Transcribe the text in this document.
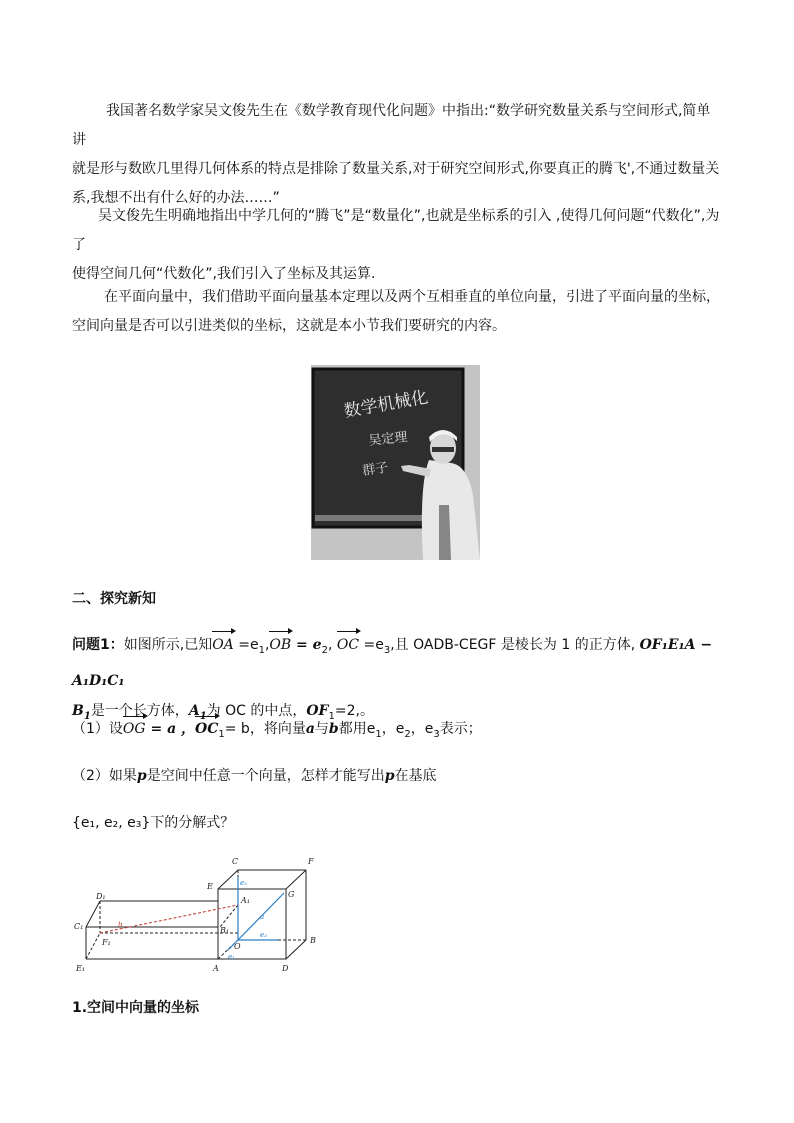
我国著名数学家吴文俊先生在《数学教育现代化问题》中指出:“数学研究数量关系与空间形式,简单讲
就是形与数欧几里得几何体系的特点是排除了数量关系,对于研究空间形式,你要真正的腾飞',不通过数量关
系,我想不出有什么好的办法……”
吴文俊先生明确地指出中学几何的“腾飞”是“数量化”,也就是坐标系的引入 ,使得几何问题“代数化”,为了
使得空间几何“代数化”,我们引入了坐标及其运算.
在平面向量中，我们借助平面向量基本定理以及两个互相垂直的单位向量，引进了平面向量的坐标，
空间向量是否可以引进类似的坐标，这就是本小节我们要研究的内容。
数学机械化
吴定理
群子
二、探究新知
问题1：如图所示,已知OA $=e_1,OB = e_2$, OC $=e_3$,且 OADB-CEGF 是棱长为 1 的正方体, OF₁E₁A − A₁D₁C₁
$B_1$是一个长方体，$A_1$为 OC 的中点，$OF_1=2$,。
（1）设OG = a ，$OC_1= b$，将向量a与b都用$e_1$，$e_2$，$e_3$表示；
（2）如果p是空间中任意一个向量，怎样才能写出p在基底
{e₁, e₂, e₃}下的分解式？
C	F
E
G
D₁	A₁
C₁	B₁
F₁	O
B
E₁	A	D
a
b
e₁
e₂
e₃
1.空间中向量的坐标
